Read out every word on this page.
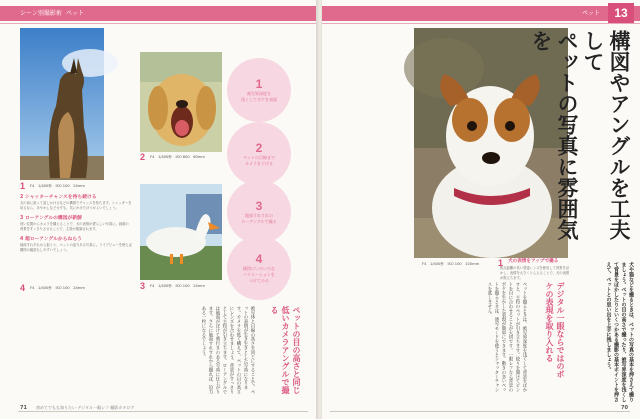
シーン別撮影術 ペット
1 F4　1/400秒　ISO 100　24mm
2 F4　1/400秒　ISO 800　60mm
2 シャッターチャンスを待ち続ける
犬の前に座って話しかけるなどの構図でチャンスを待ちます。シャッターを切るなら、あやかしなどせずも、気にかけたほうがよいでしょう。
3 ローアングルの構図が新鮮
低い位置からカメラを構えることで、犬の表情が愛らしい写真に。画面の背景をすっきりさせることで、主役が強調されます。
4 超ローアングルからねらう
地面すれすれから狙うと、ペットの迫力ある写真に。ライブビューを使えば構図の確認もしやすいでしょう。
3 F4　1/400秒　ISO 100　24mm
4 F4　1/400秒　ISO 100　24mm
1
被写界深度を
浅くしてボケを表現
2
ペットの目線まで
カメラを下げる
3
地面すれすれの
ローアングルで撮る
4
構図にいろいろな
バリエーションを
つけてみる
ペットの目の高さと同じ低いカメラアングルで撮る
被写体と目線の高さを同じにすることで、ペットの表情が生き生きとした写真になります。カメラを低く構えて、ペットの目の高さにレンズを合わせましょう。背景がすっきりとして主役が引き立ちます。ローアングルでは地面がぼけて奥行きのある写真に仕上がります。さらに地面すれすれから撮れば、迫力ある一枚になるでしょう。
71 初めてでもも知りたい デジタル一眼レフ 撮影カタログ
ペット	13
1 犬の表情をアップで撮る
焦点距離の長い望遠レンズを使用して背景をぼかし、表情を大きくとらえることで、犬の表情が際立ちます。
F4　1/400秒　ISO 100　100mm
構図やアングルを工夫して
ペットの写真に雰囲気を
犬や猫などを撮るときは、ペットの写真の基本を押さえて撮りましょう。ペットの目の高さで撮ったり、被写界深度を浅くして背景をぼかしたりといくつかある撮影の基本ポイントを押さえて、ペットとの思い出を上手に残しましょう。
デジタル一眼ならではのボケの表現を取り入れる
ペットを撮るときは、被写界深度を浅くして背景をぼかすと、主役のペットが引き立ちます。絞りを開けてピントを目に合わせることが大切です。一眼レフなら背景のボケを生かした表現が簡単にできます。動きの多いペットを撮るときは、連写モードを使うとシャッターチャンスを逃しません。
70
